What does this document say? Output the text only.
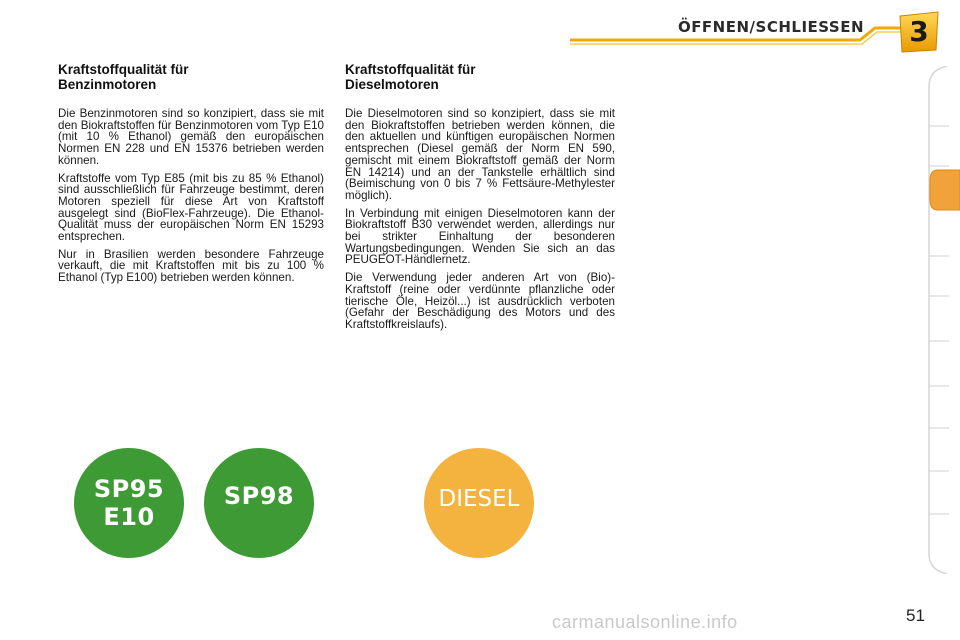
ÖFFNEN/SCHLIESSEN 3
Kraftstoffqualität für
Benzinmotoren

Die Benzinmotoren sind so konzipiert, dass sie mit den Biokraftstoffen für Benzinmotoren vom Typ E10 (mit 10 % Ethanol) gemäß den europäischen Normen EN 228 und EN 15376 betrieben werden können.

Kraftstoffe vom Typ E85 (mit bis zu 85 % Ethanol) sind ausschließlich für Fahrzeuge bestimmt, deren Motoren speziell für diese Art von Kraftstoff ausgelegt sind (BioFlex-Fahrzeuge). Die Ethanol-Qualität muss der europäischen Norm EN 15293 entsprechen.

Nur in Brasilien werden besondere Fahrzeuge verkauft, die mit Kraftstoffen mit bis zu 100 % Ethanol (Typ E100) betrieben werden können.

Kraftstoffqualität für
Dieselmotoren

Die Dieselmotoren sind so konzipiert, dass sie mit den Biokraftstoffen betrieben werden können, die den aktuellen und künftigen europäischen Normen entsprechen (Diesel gemäß der Norm EN 590, gemischt mit einem Biokraftstoff gemäß der Norm EN 14214) und an der Tankstelle erhältlich sind (Beimischung von 0 bis 7 % Fettsäure-Methylester möglich).

In Verbindung mit einigen Dieselmotoren kann der Biokraftstoff B30 verwendet werden, allerdings nur bei strikter Einhaltung der besonderen Wartungsbedingungen. Wenden Sie sich an das PEUGEOT-Händlernetz.

Die Verwendung jeder anderen Art von (Bio)-Kraftstoff (reine oder verdünnte pflanzliche oder tierische Öle, Heizöl...) ist ausdrücklich verboten (Gefahr der Beschädigung des Motors und des Kraftstoffkreislaufs).

SP95
E10
SP98	DIESEL
51
carmanualsonline.info
